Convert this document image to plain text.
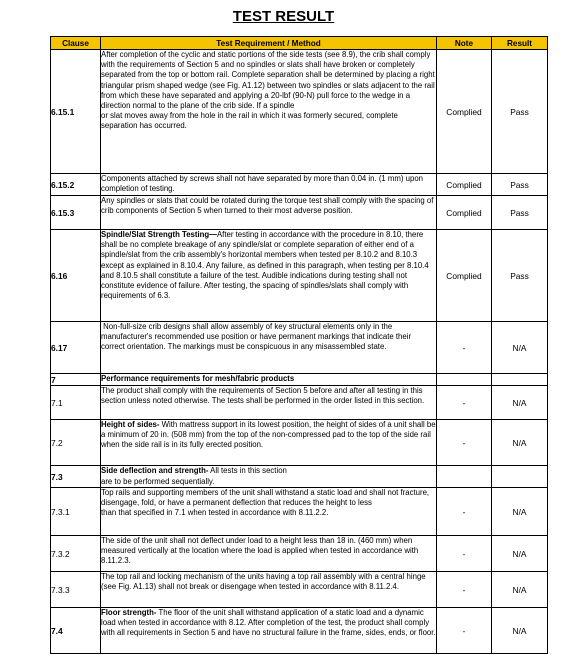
TEST RESULT
Clause	Test Requirement / Method	Note	Result
6.15.1	After completion of the cyclic and static portions of the side tests (see 8.9), the crib shall comply with the requirements of Section 5 and no spindles or slats shall have broken or completely separated from the top or bottom rail. Complete separation shall be determined by placing a right triangular prism shaped wedge (see Fig. A1.12) between two spindles or slats adjacent to the rail from which these have separated and applying a 20-lbf (90-N) pull force to the wedge in a direction normal to the plane of the crib side. If a spindle
or slat moves away from the hole in the rail in which it was formerly secured, complete separation has occurred.	Complied	Pass
6.15.2	Components attached by screws shall not have separated by more than 0.04 in. (1 mm) upon completion of testing.	Complied	Pass
6.15.3	Any spindles or slats that could be rotated during the torque test shall comply with the spacing of crib components of Section 5 when turned to their most adverse position.	Complied	Pass
6.16	Spindle/Slat Strength Testing—After testing in accordance with the procedure in 8.10, there shall be no complete breakage of any spindle/slat or complete separation of either end of a spindle/slat from the crib assembly's horizontal members when tested per 8.10.2 and 8.10.3 except as explained in 8.10.4. Any failure, as defined in this paragraph, when testing per 8.10.4 and 8.10.5 shall constitute a failure of the test. Audible indications during testing shall not constitute evidence of failure. After testing, the spacing of spindles/slats shall comply with requirements of 6.3.	Complied	Pass
6.17	Non-full-size crib designs shall allow assembly of key structural elements only in the manufacturer's recommended use position or have permanent markings that indicate their correct orientation. The markings must be conspicuous in any misassembled state.	-	N/A
7	Performance requirements for mesh/fabric products		
7.1	The product shall comply with the requirements of Section 5 before and after all testing in this section unless noted otherwise. The tests shall be performed in the order listed in this section.	-	N/A
7.2	Height of sides- With mattress support in its lowest position, the height of sides of a unit shall be a minimum of 20 in. (508 mm) from the top of the non-compressed pad to the top of the side rail when the side rail is in its fully erected position.	-	N/A
7.3	Side deflection and strength- All tests in this section
are to be performed sequentially.		
7.3.1	Top rails and supporting members of the unit shall withstand a static load and shall not fracture, disengage, fold, or have a permanent deflection that reduces the height to less
than that specified in 7.1 when tested in accordance with 8.11.2.2.	-	N/A
7.3.2	The side of the unit shall not deflect under load to a height less than 18 in. (460 mm) when measured vertically at the location where the load is applied when tested in accordance with 8.11.2.3.	-	N/A
7.3.3	The top rail and locking mechanism of the units having a top rail assembly with a central hinge (see Fig. A1.13) shall not break or disengage when tested in accordance with 8.11.2.4.	-	N/A
7.4	Floor strength- The floor of the unit shall withstand application of a static load and a dynamic load when tested in accordance with 8.12. After completion of the test, the product shall comply with all requirements in Section 5 and have no structural failure in the frame, sides, ends, or floor.	-	N/A
